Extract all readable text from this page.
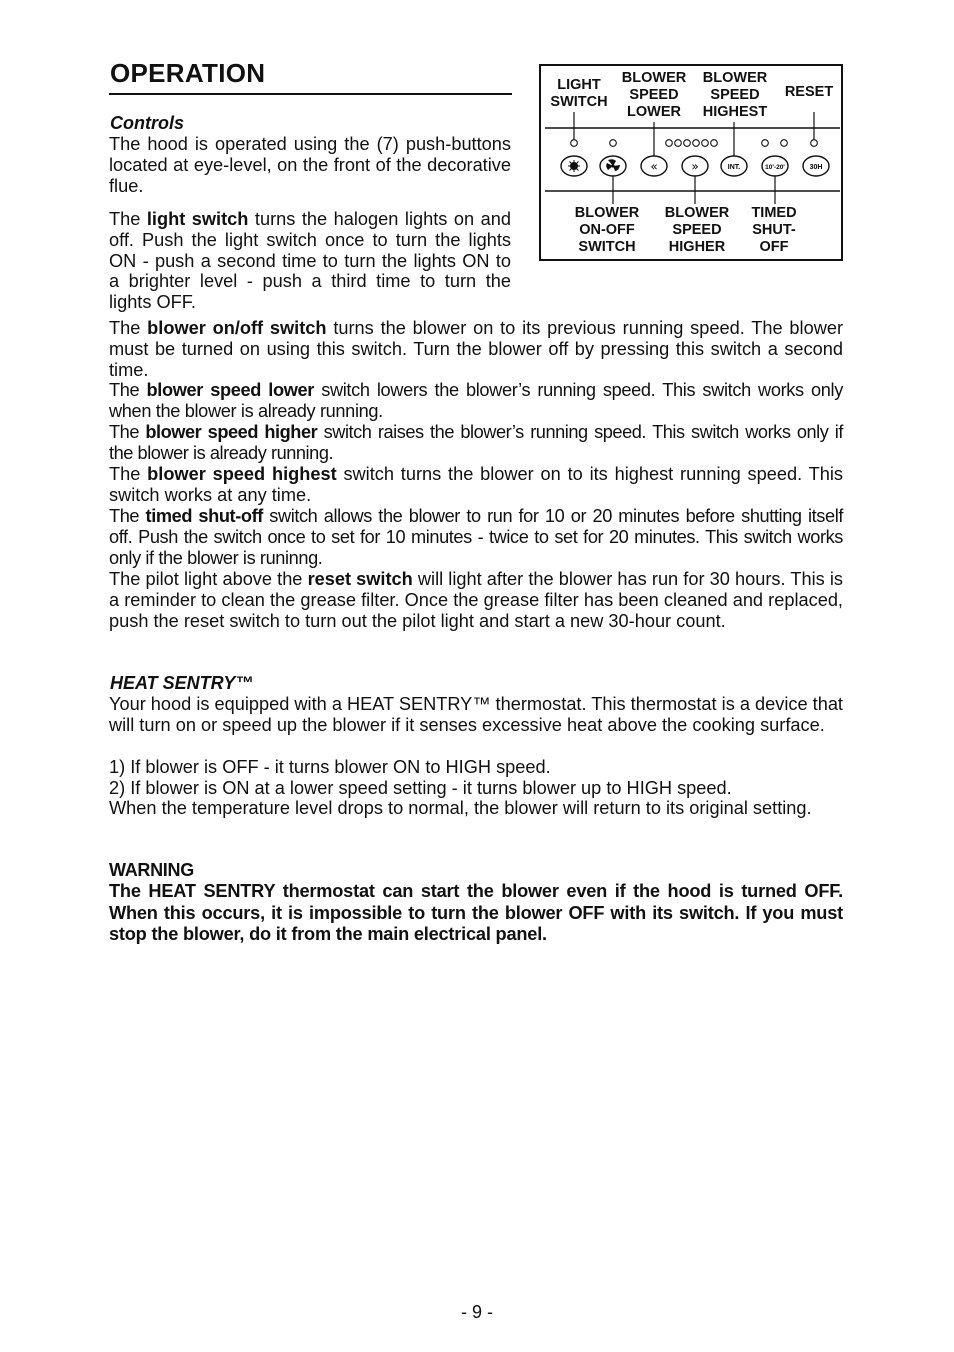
OPERATION
«	»	INT.	10'-20'	30H
LIGHT
SWITCH
BLOWER
SPEED
LOWER
BLOWER
SPEED
HIGHEST
RESET
BLOWER
ON-OFF
SWITCH
BLOWER
SPEED
HIGHER
TIMED
SHUT-
OFF
Controls

The hood is operated using the (7) push-buttons located at eye-level, on the front of the decorative flue.

The light switch turns the halogen lights on and off. Push the light switch once to turn the lights ON - push a second time to turn the lights ON to a brighter level - push a third time to turn the lights OFF.

The blower on/off switch turns the blower on to its previous running speed. The blower must be turned on using this switch. Turn the blower off by pressing this switch a second time.

The blower speed lower switch lowers the blower’s running speed. This switch works only when the blower is already running.

The blower speed higher switch raises the blower’s running speed. This switch works only if the blower is already running.

The blower speed highest switch turns the blower on to its highest running speed. This switch works at any time.

The timed shut-off switch allows the blower to run for 10 or 20 minutes before shutting itself off. Push the switch once to set for 10 minutes - twice to set for 20 minutes. This switch works only if the blower is runinng.

The pilot light above the reset switch will light after the blower has run for 30 hours. This is a reminder to clean the grease filter. Once the grease filter has been cleaned and replaced, push the reset switch to turn out the pilot light and start a new 30-hour count.

HEAT SENTRY™

Your hood is equipped with a HEAT SENTRY™ thermostat. This thermostat is a device that will turn on or speed up the blower if it senses excessive heat above the cooking surface.

1) If blower is OFF - it turns blower ON to HIGH speed.

2) If blower is ON at a lower speed setting - it turns blower up to HIGH speed.

When the temperature level drops to normal, the blower will return to its original setting.

WARNING

The HEAT SENTRY thermostat can start the blower even if the hood is turned OFF. When this occurs, it is impossible to turn the blower OFF with its switch. If you must stop the blower, do it from the main electrical panel.

- 9 -
